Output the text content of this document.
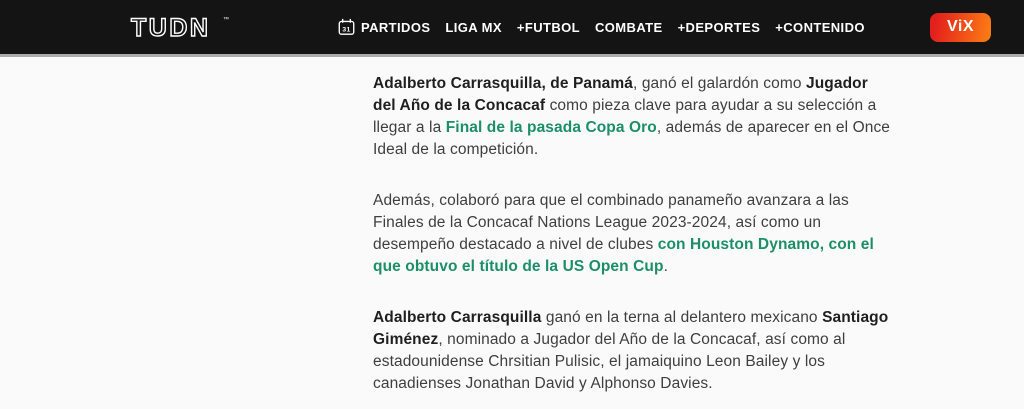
TUDN ™
31 PARTIDOS LIGA MX +FUTBOL COMBATE +DEPORTES +CONTENIDO	ViX

Adalberto Carrasquilla, de Panamá, ganó el galardón como Jugador del Año de la Concacaf como pieza clave para ayudar a su selección a llegar a la Final de la pasada Copa Oro, además de aparecer en el Once Ideal de la competición.

Además, colaboró para que el combinado panameño avanzara a las Finales de la Concacaf Nations League 2023-2024, así como un desempeño destacado a nivel de clubes con Houston Dynamo, con el que obtuvo el título de la US Open Cup.

Adalberto Carrasquilla ganó en la terna al delantero mexicano Santiago Giménez, nominado a Jugador del Año de la Concacaf, así como al estadounidense Chrsitian Pulisic, el jamaiquino Leon Bailey y los canadienses Jonathan David y Alphonso Davies.
